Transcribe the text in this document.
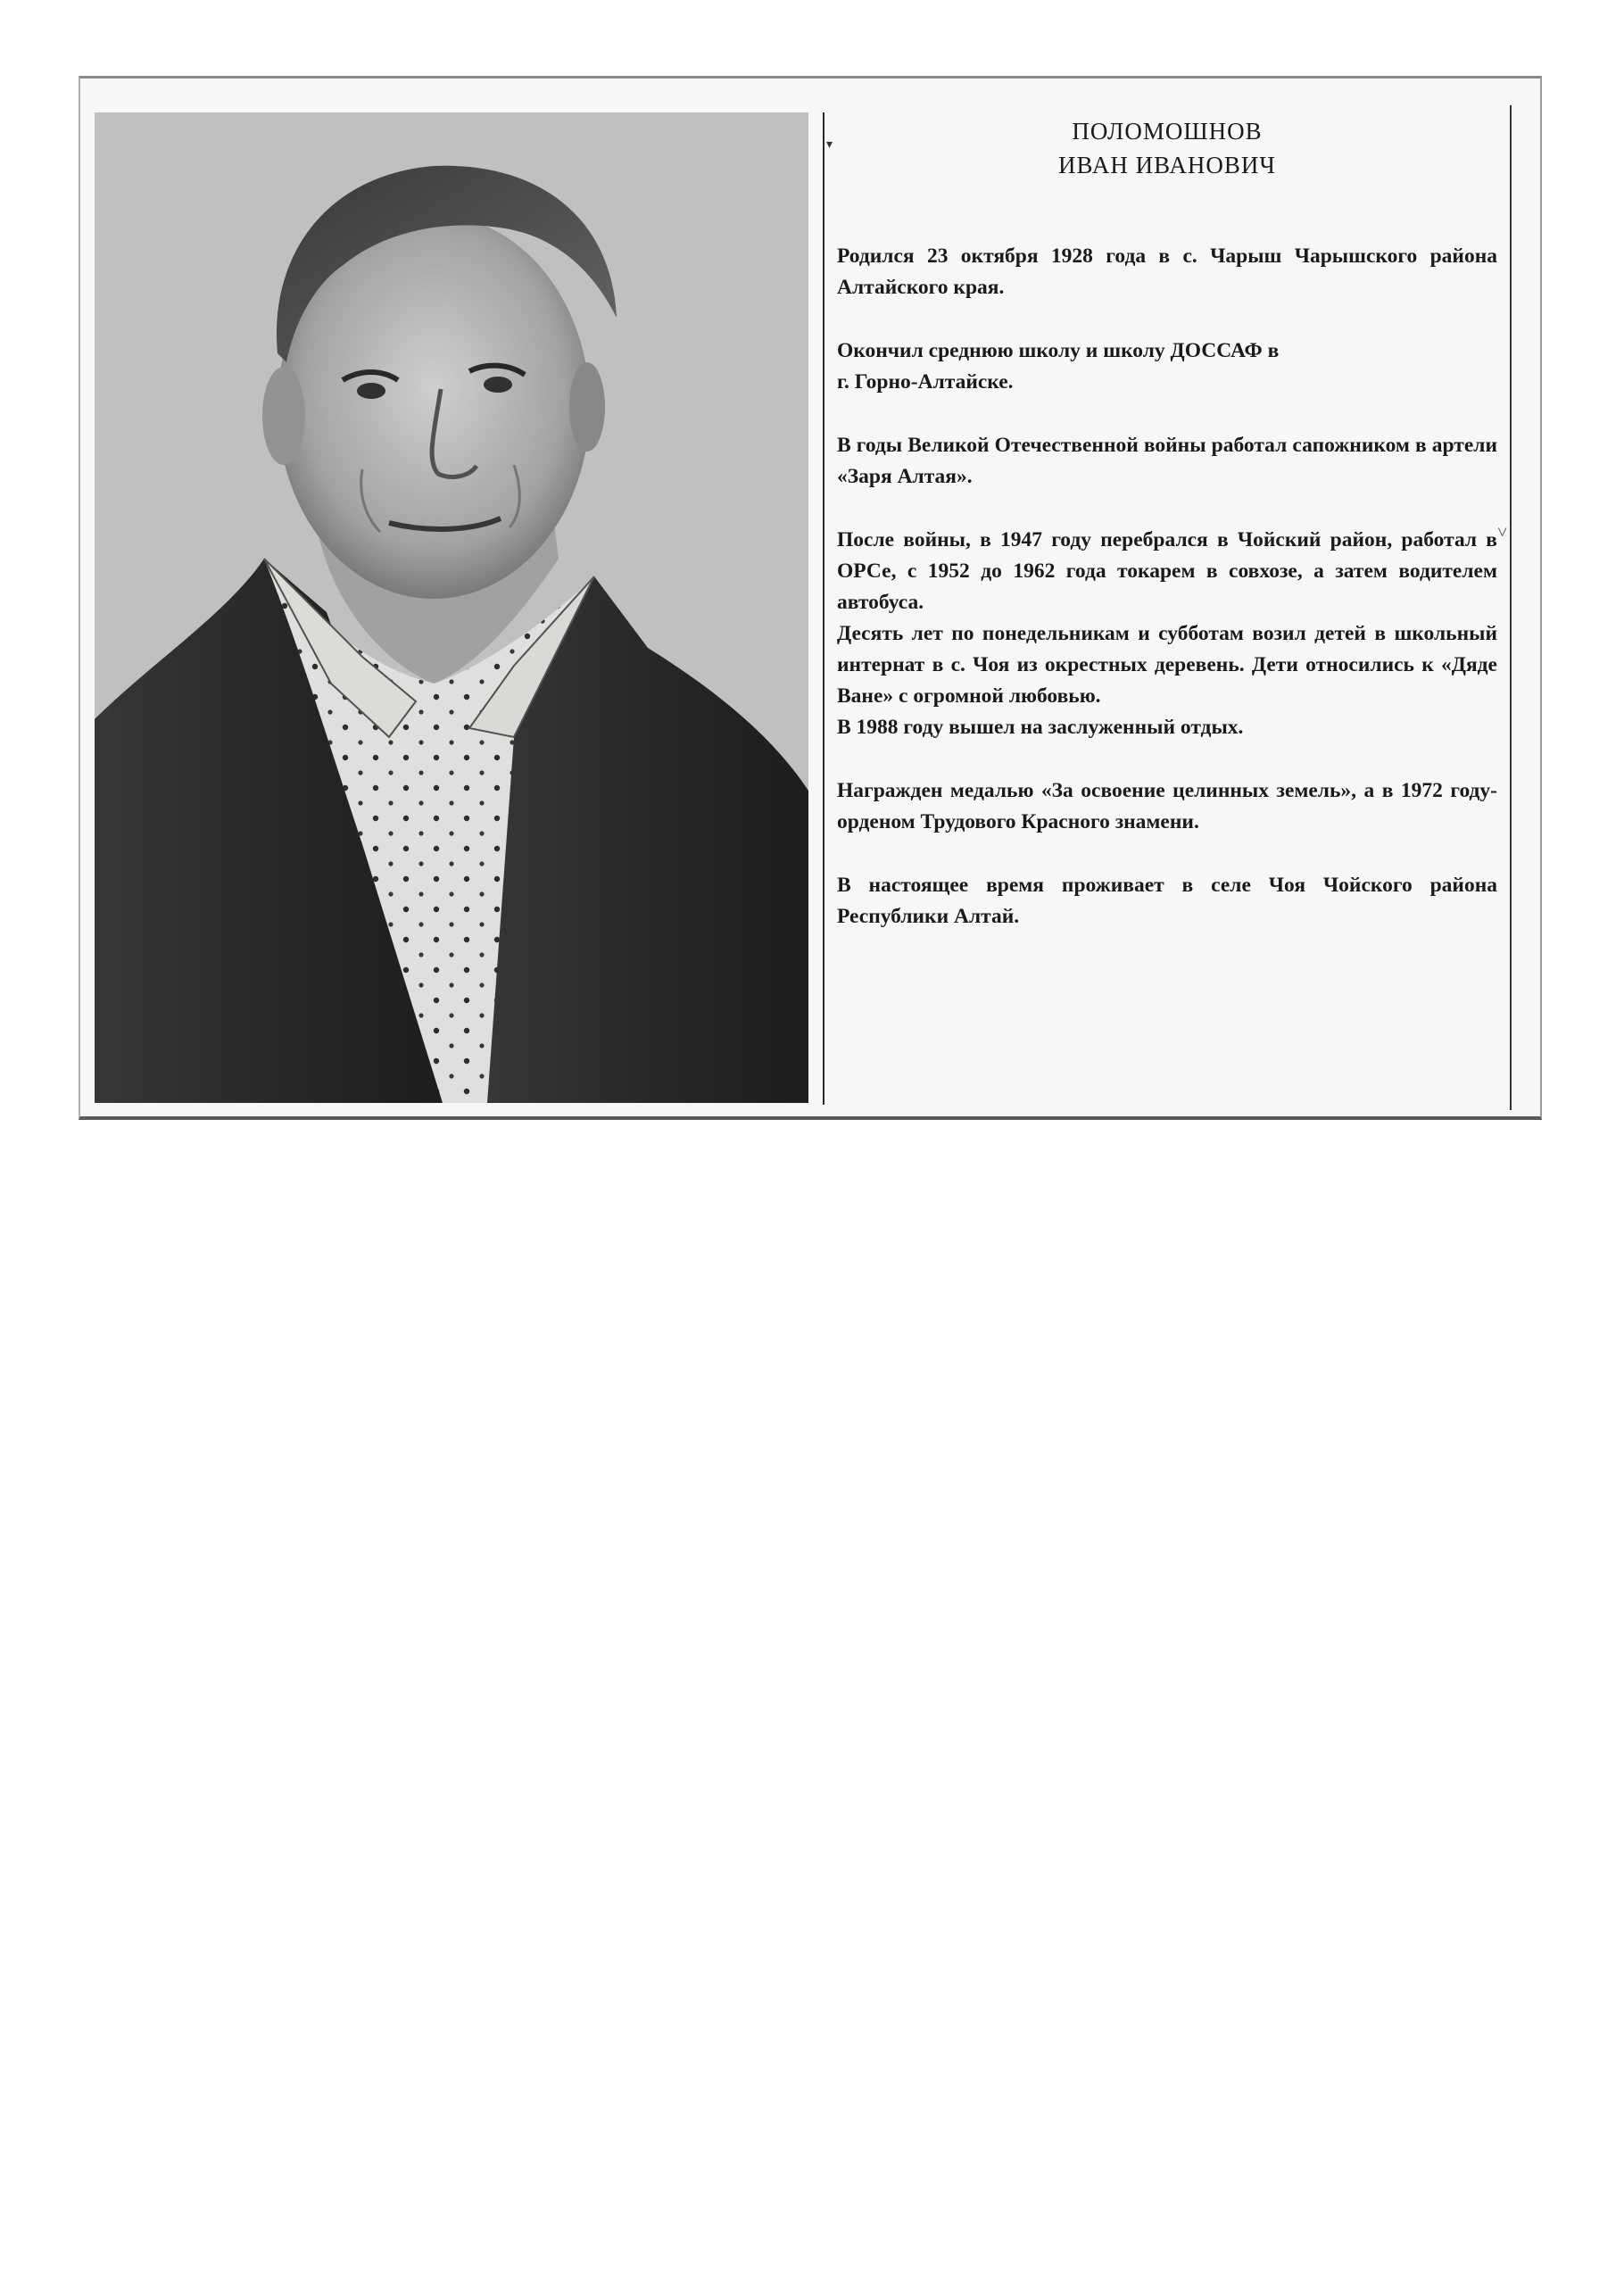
▾
˅
ПОЛОМОШНОВ
ИВАН ИВАНОВИЧ

Родился 23 октября 1928 года в с. Чарыш Чарышского района Алтайского края.

Окончил среднюю школу и школу ДОССАФ в

г. Горно-Алтайске.

В годы Великой Отечественной войны работал сапожником в артели «Заря Алтая».

После войны, в 1947 году перебрался в Чойский район, работал в ОРСе, с 1952 до 1962 года токарем в совхозе, а затем водителем автобуса.

Десять лет по понедельникам и субботам возил детей в школьный интернат в с. Чоя из окрестных деревень. Дети относились к «Дяде Ване» с огромной любовью.

В 1988 году вышел на заслуженный отдых.

Награжден медалью «За освоение целинных земель», а в 1972 году-орденом Трудового Красного знамени.

В настоящее время проживает в селе Чоя Чойского района Республики Алтай.
